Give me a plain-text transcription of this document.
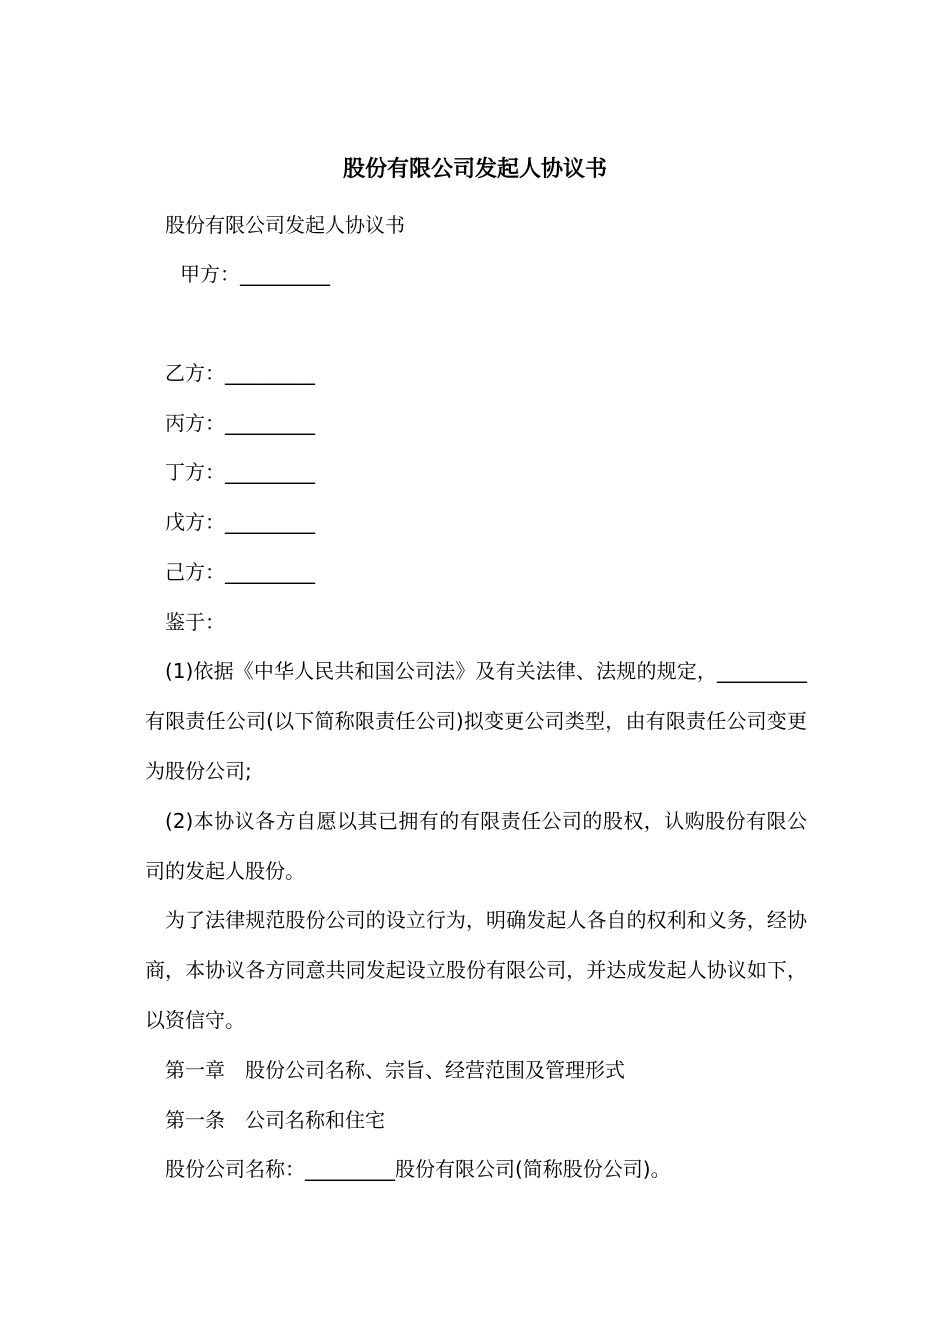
股份有限公司发起人协议书
股份有限公司发起人协议书
甲方：_________
乙方：_________
丙方：_________
丁方：_________
戊方：_________
己方：_________
鉴于：
(1)依据《中华人民共和国公司法》及有关法律、法规的规定，_________有限责任公司(以下简称限责任公司)拟变更公司类型，由有限责任公司变更为股份公司;
(2)本协议各方自愿以其已拥有的有限责任公司的股权，认购股份有限公司的发起人股份。
为了法律规范股份公司的设立行为，明确发起人各自的权利和义务，经协商，本协议各方同意共同发起设立股份有限公司，并达成发起人协议如下，以资信守。
第一章　股份公司名称、宗旨、经营范围及管理形式
第一条　公司名称和住宅
股份公司名称：_________股份有限公司(简称股份公司)。
